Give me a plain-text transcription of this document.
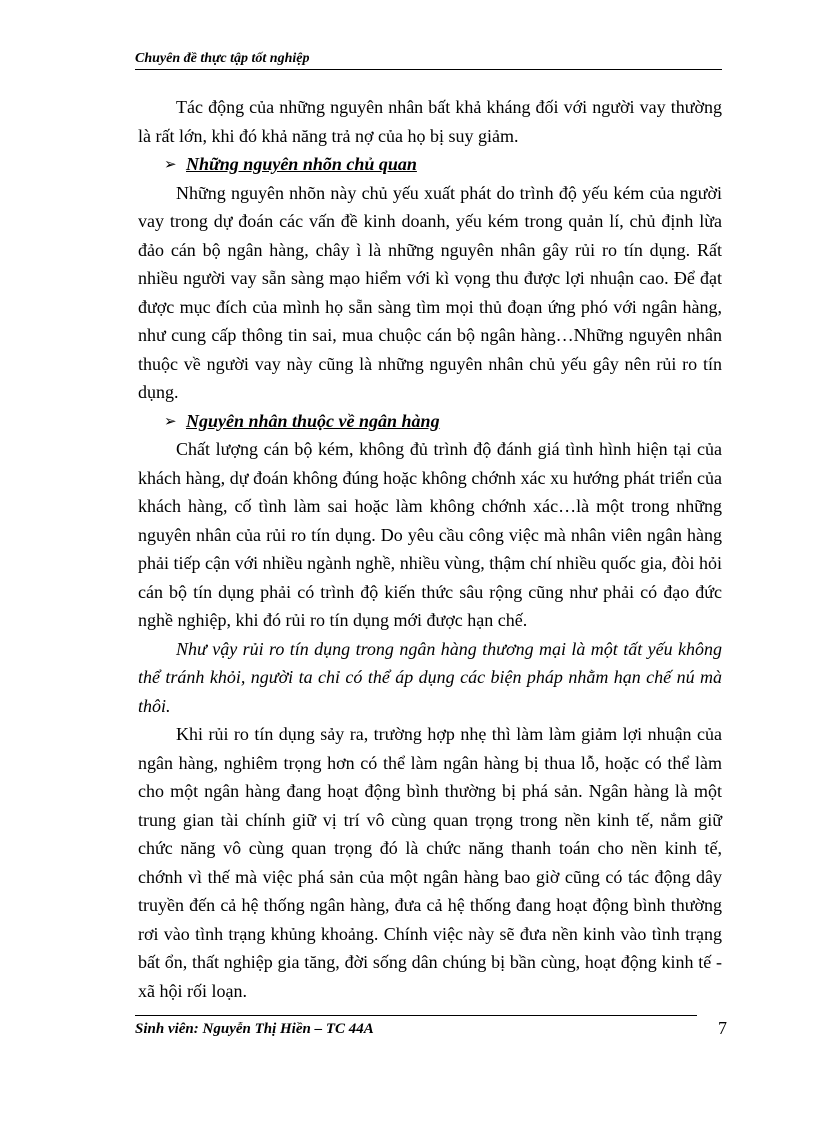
Chuyên đề thực tập tốt nghiệp

Tác động của những nguyên nhân bất khả kháng đối với người vay thường là rất lớn, khi đó khả năng trả nợ của họ bị suy giảm.

➢ Những nguyên nhõn chủ quan

Những nguyên nhõn này chủ yếu xuất phát do trình độ yếu kém của người vay trong dự đoán các vấn đề kinh doanh, yếu kém trong quản lí, chủ định lừa đảo cán bộ ngân hàng, chây ì là những nguyên nhân gây rủi ro tín dụng. Rất nhiều người vay sẵn sàng mạo hiểm với kì vọng thu được lợi nhuận cao. Để đạt được mục đích của mình họ sẵn sàng tìm mọi thủ đoạn ứng phó với ngân hàng, như cung cấp thông tin sai, mua chuộc cán bộ ngân hàng…Những nguyên nhân thuộc về người vay này cũng là những nguyên nhân chủ yếu gây nên rủi ro tín dụng.

➢ Nguyên nhân thuộc về ngân hàng

Chất lượng cán bộ kém, không đủ trình độ đánh giá tình hình hiện tại của khách hàng, dự đoán không đúng hoặc không chớnh xác xu hướng phát triển của khách hàng, cố tình làm sai hoặc làm không chớnh xác…là một trong những nguyên nhân của rủi ro tín dụng. Do yêu cầu công việc mà nhân viên ngân hàng phải tiếp cận với nhiều ngành nghề, nhiều vùng, thậm chí nhiều quốc gia, đòi hỏi cán bộ tín dụng phải có trình độ kiến thức sâu rộng cũng như phải có đạo đức nghề nghiệp, khi đó rủi ro tín dụng mới được hạn chế.

Như vậy rủi ro tín dụng trong ngân hàng thương mại là một tất yếu không thể tránh khỏi, người ta chỉ có thể áp dụng các biện pháp nhằm hạn chế nú mà thôi.

Khi rủi ro tín dụng sảy ra, trường hợp nhẹ thì làm làm giảm lợi nhuận của ngân hàng, nghiêm trọng hơn có thể làm ngân hàng bị thua lỗ, hoặc có thể làm cho một ngân hàng đang hoạt động bình thường bị phá sản. Ngân hàng là một trung gian tài chính giữ vị trí vô cùng quan trọng trong nền kinh tế, nắm giữ chức năng vô cùng quan trọng đó là chức năng thanh toán cho nền kinh tế, chớnh vì thế mà việc phá sản của một ngân hàng bao giờ cũng có tác động dây truyền đến cả hệ thống ngân hàng, đưa cả hệ thống đang hoạt động bình thường rơi vào tình trạng khủng khoảng. Chính việc này sẽ đưa nền kinh vào tình trạng bất ổn, thất nghiệp gia tăng, đời sống dân chúng bị bần cùng, hoạt động kinh tế - xã hội rối loạn.

Sinh viên: Nguyễn Thị Hiền – TC 44A	7
